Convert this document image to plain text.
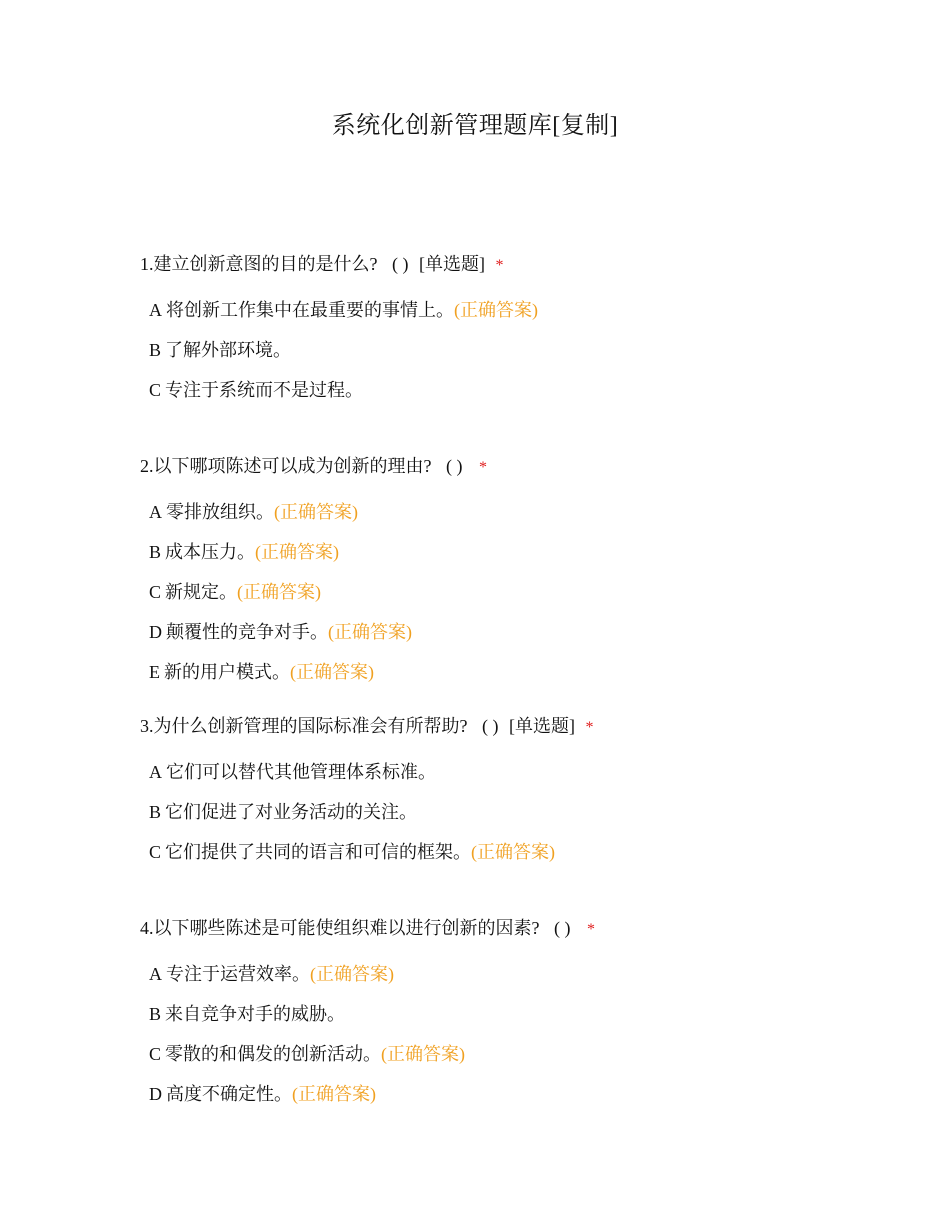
系统化创新管理题库[复制]
1.建立创新意图的目的是什么? ( ) [单选题] *
A 将创新工作集中在最重要的事情上。(正确答案)
B 了解外部环境。
C 专注于系统而不是过程。
2.以下哪项陈述可以成为创新的理由? ( ) *
A 零排放组织。(正确答案)
B 成本压力。(正确答案)
C 新规定。(正确答案)
D 颠覆性的竞争对手。(正确答案)
E 新的用户模式。(正确答案)
3.为什么创新管理的国际标准会有所帮助? ( ) [单选题] *
A 它们可以替代其他管理体系标准。
B 它们促进了对业务活动的关注。
C 它们提供了共同的语言和可信的框架。(正确答案)
4.以下哪些陈述是可能使组织难以进行创新的因素? ( ) *
A 专注于运营效率。(正确答案)
B 来自竞争对手的威胁。
C 零散的和偶发的创新活动。(正确答案)
D 高度不确定性。(正确答案)
